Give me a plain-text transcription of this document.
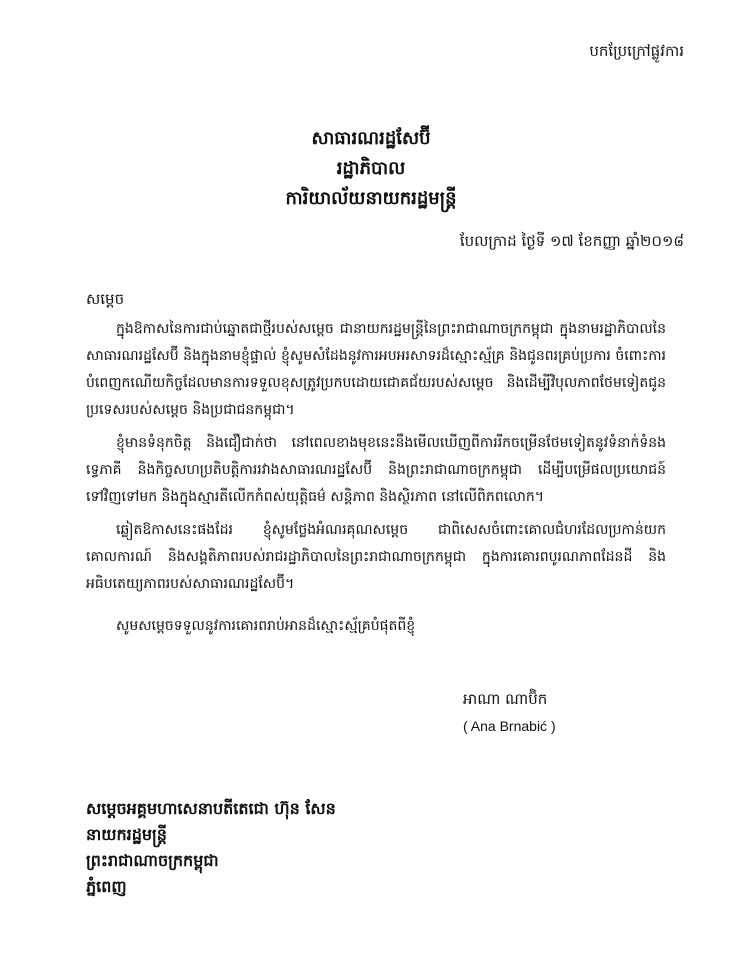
បកប្រែក្រៅផ្លូវការ
សាធារណរដ្ឋសែប៊ី
រដ្ឋាភិបាល
ការិយាល័យនាយករដ្ឋមន្ត្រី
បែលក្រាដ ថ្ងៃទី ១៧ ខែកញ្ញា ឆ្នាំ២០១៨
សម្តេច

ក្នុងឱកាសនៃការជាប់ឆ្នោតជាថ្មីរបស់សម្តេច ជានាយករដ្ឋមន្ត្រីនៃព្រះរាជាណាចក្រកម្ពុជា ក្នុងនាមរដ្ឋាភិបាលនៃសាធារណរដ្ឋសែប៊ី និងក្នុងនាមខ្ញុំផ្ទាល់ ខ្ញុំសូមសំដែងនូវការអបអរសាទរដ៏ស្មោះស្ម័គ្រ និងជូនពរគ្រប់ប្រការ ចំពោះការបំពេញកណើយកិច្ចដែលមានការទទួលខុសត្រូវប្រកបដោយជោគជ័យរបស់សម្តេច និងដើម្បីវិបុលភាពថែមទៀតជូនប្រទេសរបស់សម្តេច និងប្រជាជនកម្ពុជា។

ខ្ញុំមានទំនុកចិត្ត និងជឿជាក់ថា នៅពេលខាងមុខនេះនឹងមើលឃើញពីការរីកចម្រើនថែមទៀតនូវទំនាក់ទំនងទ្វេភាគី និងកិច្ចសហប្រតិបត្តិការរវាងសាធារណរដ្ឋសែប៊ី និងព្រះរាជាណាចក្រកម្ពុជា ដើម្បីបម្រើផលប្រយោជន៍ទៅវិញទៅមក និងក្នុងស្មារតីលើកកំពស់យុត្តិធម៌ សន្តិភាព និងស្ថិរភាព នៅលើពិភពលោក។

ឆ្លៀតឱកាសនេះផងដែរ ខ្ញុំសូមថ្លែងអំណរគុណសម្តេច ជាពិសេសចំពោះគោលជំហរដែលប្រកាន់យកគោលការណ៍ និងសង្គតិភាពរបស់រាជរដ្ឋាភិបាលនៃព្រះរាជាណាចក្រកម្ពុជា ក្នុងការគោរពបូរណភាពដែនដី និងអធិបតេយ្យភាពរបស់សាធារណរដ្ឋសែប៊ី។

សូមសម្តេចទទួលនូវការគោរពរាប់អានដ៏ស្មោះស្ម័គ្របំផុតពីខ្ញុំ

អាណា ណាប៊ិក
( Ana Brnabić )
សម្តេចអគ្គមហាសេនាបតីតេជោ ហ៊ុន សែន
នាយករដ្ឋមន្ត្រី
ព្រះរាជាណាចក្រកម្ពុជា
ភ្នំពេញ
